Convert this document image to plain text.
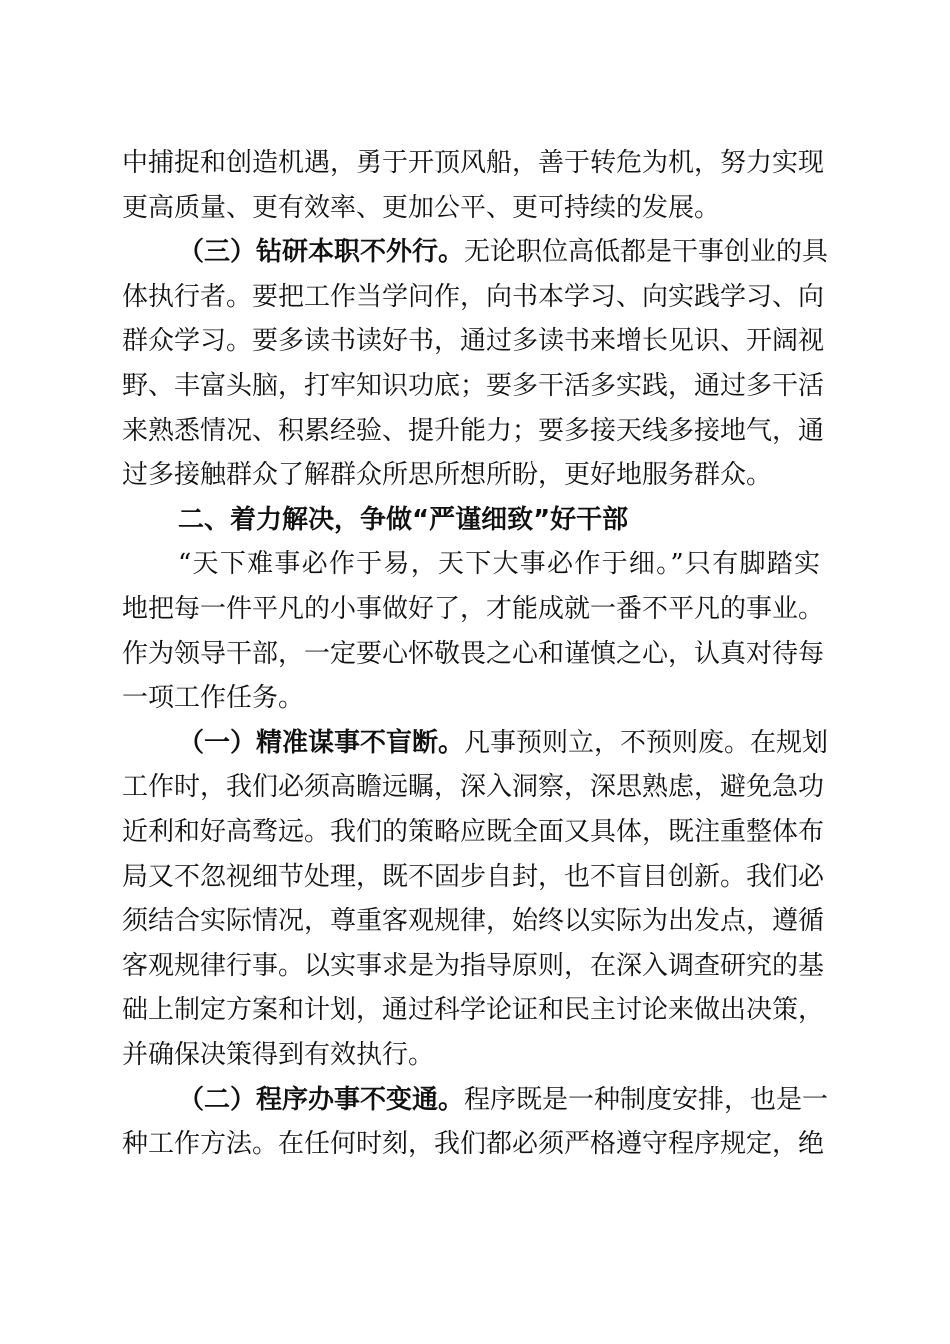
中捕捉和创造机遇，勇于开顶风船，善于转危为机，努力实现
更高质量、更有效率、更加公平、更可持续的发展。
（三）钻研本职不外行。无论职位高低都是干事创业的具
体执行者。要把工作当学问作，向书本学习、向实践学习、向
群众学习。要多读书读好书，通过多读书来增长见识、开阔视
野、丰富头脑，打牢知识功底；要多干活多实践，通过多干活
来熟悉情况、积累经验、提升能力；要多接天线多接地气，通
过多接触群众了解群众所思所想所盼，更好地服务群众。
二、着力解决，争做“严谨细致”好干部
“天下难事必作于易，天下大事必作于细。”只有脚踏实
地把每一件平凡的小事做好了，才能成就一番不平凡的事业。
作为领导干部，一定要心怀敬畏之心和谨慎之心，认真对待每
一项工作任务。
（一）精准谋事不盲断。凡事预则立，不预则废。在规划
工作时，我们必须高瞻远瞩，深入洞察，深思熟虑，避免急功
近利和好高骛远。我们的策略应既全面又具体，既注重整体布
局又不忽视细节处理，既不固步自封，也不盲目创新。我们必
须结合实际情况，尊重客观规律，始终以实际为出发点，遵循
客观规律行事。以实事求是为指导原则，在深入调查研究的基
础上制定方案和计划，通过科学论证和民主讨论来做出决策，
并确保决策得到有效执行。
（二）程序办事不变通。程序既是一种制度安排，也是一
种工作方法。在任何时刻，我们都必须严格遵守程序规定，绝
